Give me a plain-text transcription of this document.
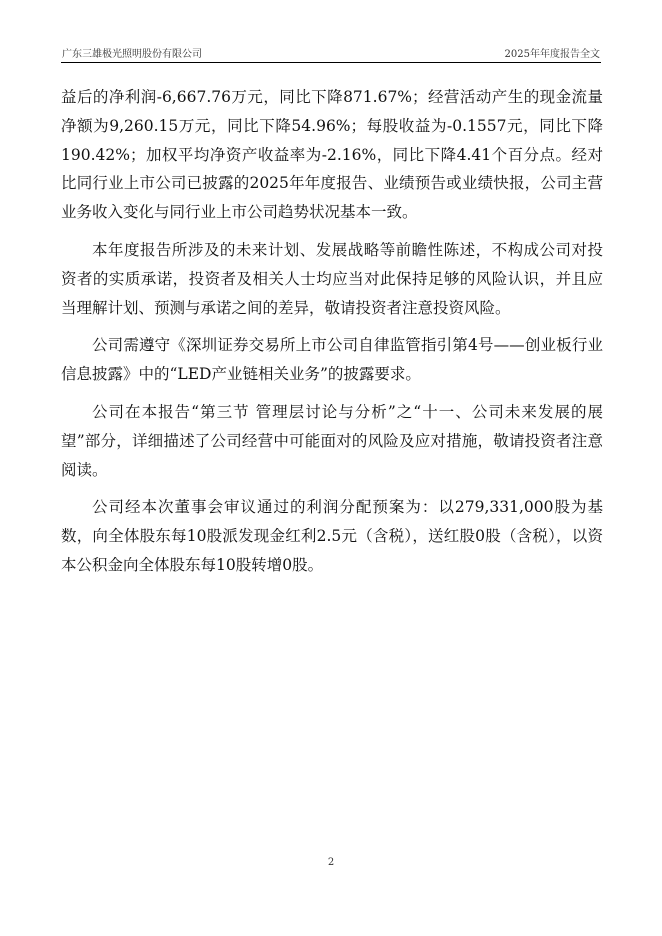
广东三雄极光照明股份有限公司	2025年年度报告全文

益后的净利润-6,667.76万元，同比下降871.67%；经营活动产生的现金流量净额为9,260.15万元，同比下降54.96%；每股收益为-0.1557元，同比下降190.42%；加权平均净资产收益率为-2.16%，同比下降4.41个百分点。经对比同行业上市公司已披露的2025年年度报告、业绩预告或业绩快报，公司主营业务收入变化与同行业上市公司趋势状况基本一致。

本年度报告所涉及的未来计划、发展战略等前瞻性陈述，不构成公司对投资者的实质承诺，投资者及相关人士均应当对此保持足够的风险认识，并且应当理解计划、预测与承诺之间的差异，敬请投资者注意投资风险。

公司需遵守《深圳证券交易所上市公司自律监管指引第4号——创业板行业信息披露》中的“LED产业链相关业务”的披露要求。

公司在本报告“第三节 管理层讨论与分析”之“十一、公司未来发展的展望”部分，详细描述了公司经营中可能面对的风险及应对措施，敬请投资者注意阅读。

公司经本次董事会审议通过的利润分配预案为：以279,331,000股为基数，向全体股东每10股派发现金红利2.5元（含税），送红股0股（含税），以资本公积金向全体股东每10股转增0股。

2
